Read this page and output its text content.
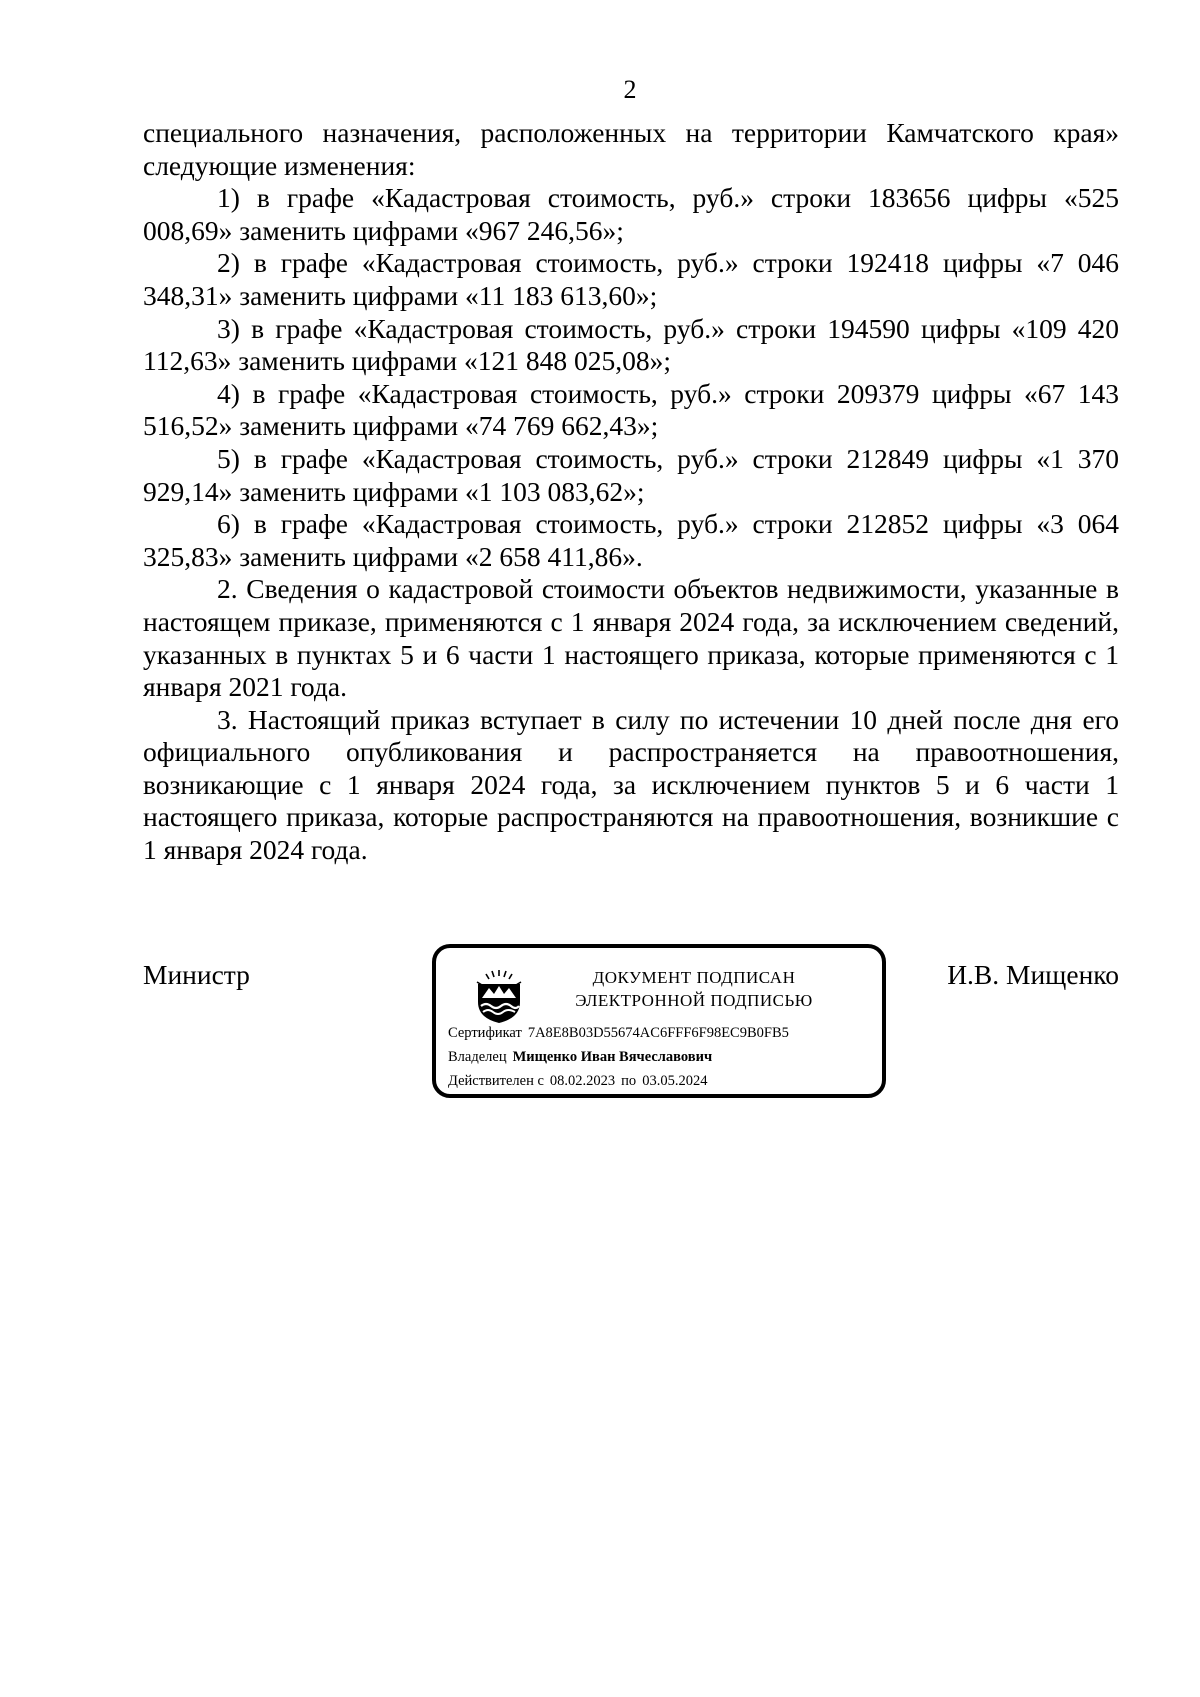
2

специального назначения, расположенных на территории Камчатского края» следующие изменения:

1) в графе «Кадастровая стоимость, руб.» строки 183656 цифры «525 008,69» заменить цифрами «967 246,56»;

2) в графе «Кадастровая стоимость, руб.» строки 192418 цифры «7 046 348,31» заменить цифрами «11 183 613,60»;

3) в графе «Кадастровая стоимость, руб.» строки 194590 цифры «109 420 112,63» заменить цифрами «121 848 025,08»;

4) в графе «Кадастровая стоимость, руб.» строки 209379 цифры «67 143 516,52» заменить цифрами «74 769 662,43»;

5) в графе «Кадастровая стоимость, руб.» строки 212849 цифры «1 370 929,14» заменить цифрами «1 103 083,62»;

6) в графе «Кадастровая стоимость, руб.» строки 212852 цифры «3 064 325,83» заменить цифрами «2 658 411,86».

2. Сведения о кадастровой стоимости объектов недвижимости, указанные в настоящем приказе, применяются с 1 января 2024 года, за исключением сведений, указанных в пунктах 5 и 6 части 1 настоящего приказа, которые применяются с 1 января 2021 года.

3. Настоящий приказ вступает в силу по истечении 10 дней после дня его официального опубликования и распространяется на правоотношения, возникающие с 1 января 2024 года, за исключением пунктов 5 и 6 части 1 настоящего приказа, которые распространяются на правоотношения, возникшие с 1 января 2024 года.

Министр	ДОКУМЕНТ ПОДПИСАН
ЭЛЕКТРОННОЙ ПОДПИСЬЮ
Сертификат 7A8E8B03D55674AC6FFF6F98EC9B0FB5
Владелец Мищенко Иван Вячеславович
Действителен с 08.02.2023 по 03.05.2024
И.В. Мищенко
